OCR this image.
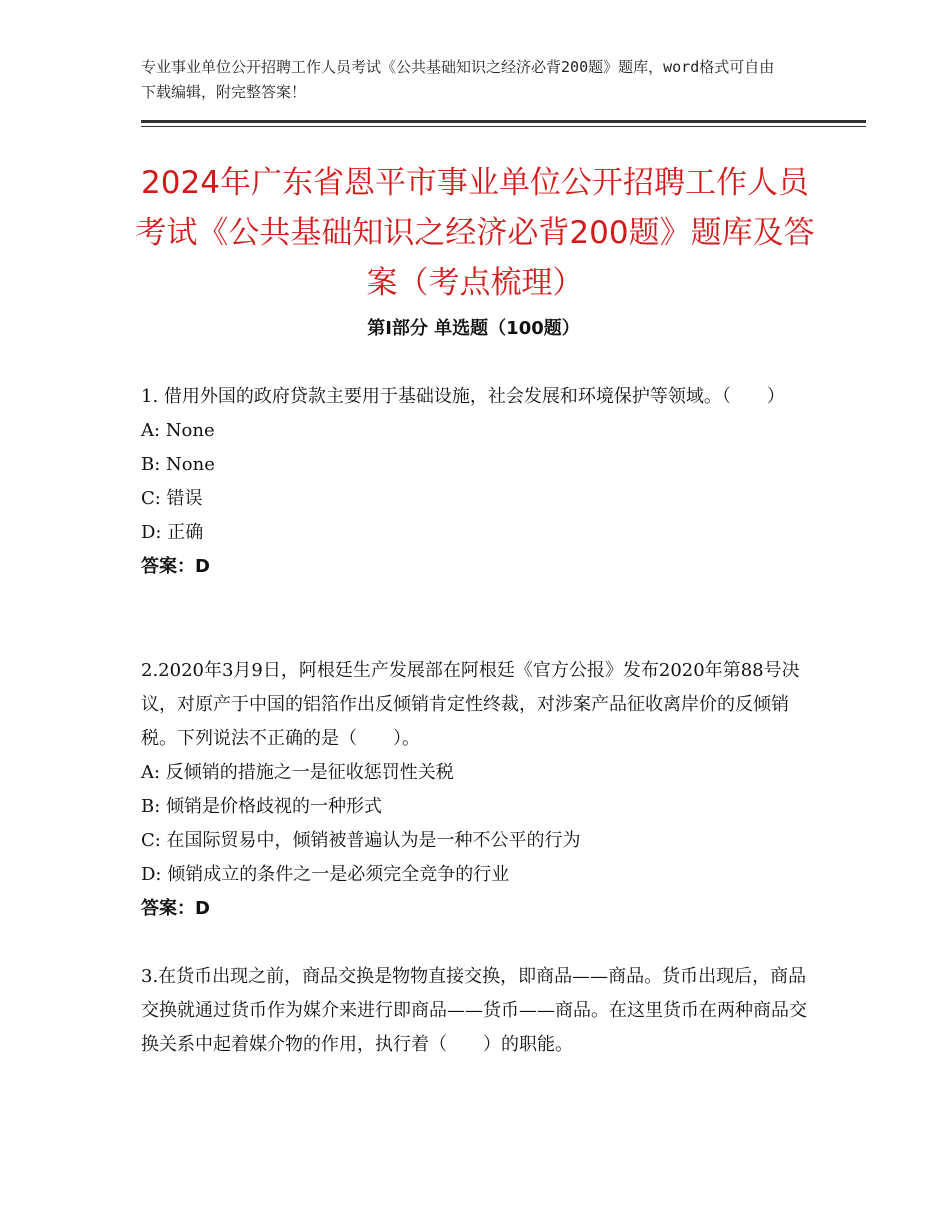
专业事业单位公开招聘工作人员考试《公共基础知识之经济必背200题》题库，word格式可自由下载编辑，附完整答案！
2024年广东省恩平市事业单位公开招聘工作人员考试《公共基础知识之经济必背200题》题库及答案（考点梳理）
第Ⅰ部分 单选题（100题）

1. 借用外国的政府贷款主要用于基础设施，社会发展和环境保护等领域。（　　）

A: None

B: None

C: 错误

D: 正确

答案：D

2.2020年3月9日，阿根廷生产发展部在阿根廷《官方公报》发布2020年第88号决议，对原产于中国的铝箔作出反倾销肯定性终裁，对涉案产品征收离岸价的反倾销税。下列说法不正确的是（　　）。

A: 反倾销的措施之一是征收惩罚性关税

B: 倾销是价格歧视的一种形式

C: 在国际贸易中，倾销被普遍认为是一种不公平的行为

D: 倾销成立的条件之一是必须完全竞争的行业

答案：D

3.在货币出现之前，商品交换是物物直接交换，即商品——商品。货币出现后，商品交换就通过货币作为媒介来进行即商品——货币——商品。在这里货币在两种商品交换关系中起着媒介物的作用，执行着（　　）的职能。
